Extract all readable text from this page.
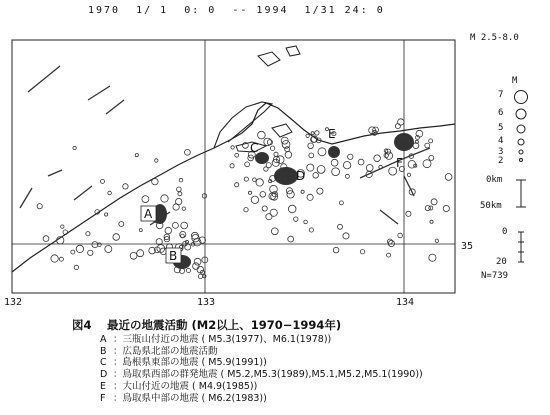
1970  1/ 1  0: 0  -- 1994  1/31 24: 0
M 2.5-8.0
A
B
C
D
E
F
35
132	133	134
M
7
6
5
4
3
2
0km
50km
0
20
N=739
図4　 最近の地震活動 (M2以上、1970−1994年)
A ：三瓶山付近の地震 ( M5.3(1977)、M6.1(1978))
B ：広島県北部の地震活動
C ：島根県東部の地震 ( M5.9(1991))
D ：鳥取県西部の群発地震 ( M5.2,M5.3(1989),M5.1,M5.2,M5.1(1990))
E ：大山付近の地震 ( M4.9(1985))
F ：鳥取県中部の地震 ( M6.2(1983))
